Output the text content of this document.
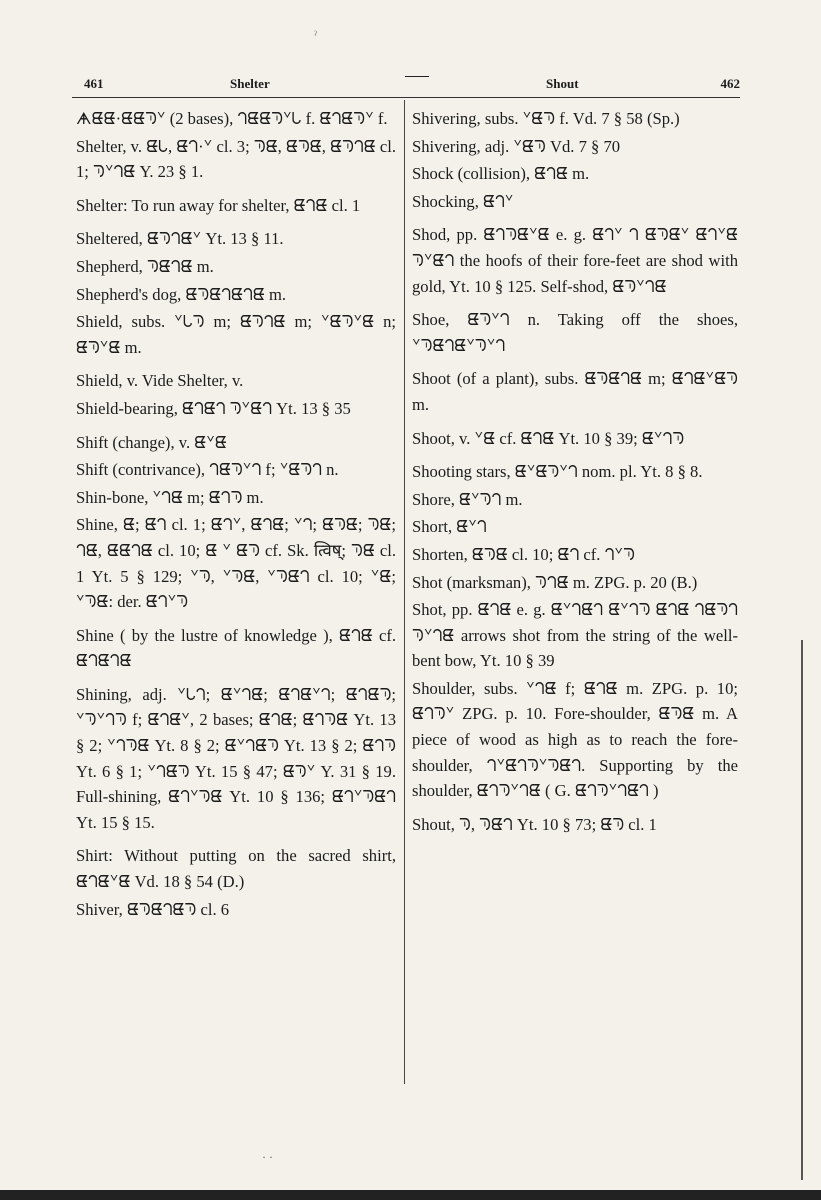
ˀ
461	Shelter	Shout	462
ᗗᘀᘀ·ᘀᘀᘅᘁ (2 bases), ᘃᘀᘀᘅᘁᘂ f. ᘀᘃᘀᘅᘁ f.
Shelter, v. ᘀᘂ, ᘀᘃ·ᘁ cl. 3; ᘅᘀ, ᘀᘅᘀ, ᘀᘅᘃᘀ cl. 1; ᘅᘁᘃᘀ Y. 23 § 1.
Shelter: To run away for shelter, ᘀᘃᘀ cl. 1
Sheltered, ᘀᘅᘃᘀᘁ Yt. 13 § 11.
Shepherd, ᘅᘀᘃᘀ m.
Shepherd's dog, ᘀᘅᘀᘃᘀᘃᘀ m.
Shield, subs. ᘁᘂᘅ m; ᘀᘅᘃᘀ m; ᘁᘀᘅᘁᘀ n; ᘀᘅᘁᘀ m.
Shield, v. Vide Shelter, v.
Shield-bearing, ᘀᘃᘀᘃ ᘅᘁᘀᘃ Yt. 13 § 35
Shift (change), v. ᘀᘁᘀ
Shift (contrivance), ᘃᘀᘅᘁᘃ f; ᘁᘀᘅᘃ n.
Shin-bone, ᘁᘃᘀ m; ᘀᘃᘅ m.
Shine, ᘀ; ᘀᘃ cl. 1; ᘀᘃᘁ, ᘀᘃᘀ; ᘁᘃ; ᘀᘅᘀ; ᘅᘀ; ᘃᘀ, ᘀᘀᘃᘀ cl. 10; ᘀ ᘁ ᘀᘅ cf. Sk. त्विष्; ᘅᘀ cl. 1 Yt. 5 § 129; ᘁᘅ, ᘁᘅᘀ, ᘁᘅᘀᘃ cl. 10; ᘁᘀ; ᘁᘅᘀ: der. ᘀᘃᘁᘅ
Shine ( by the lustre of knowledge ), ᘀᘃᘀ cf. ᘀᘃᘀᘃᘀ
Shining, adj. ᘁᘂᘃ; ᘀᘁᘃᘀ; ᘀᘃᘀᘁᘃ; ᘀᘃᘀᘅ; ᘁᘅᘁᘃᘅ f; ᘀᘃᘀᘁ, 2 bases; ᘀᘃᘀ; ᘀᘃᘅᘀ Yt. 13 § 2; ᘁᘃᘅᘀ Yt. 8 § 2; ᘀᘁᘃᘀᘅ Yt. 13 § 2; ᘀᘃᘅ Yt. 6 § 1; ᘁᘃᘀᘅ Yt. 15 § 47; ᘀᘅᘁ Y. 31 § 19. Full-shining, ᘀᘃᘁᘅᘀ Yt. 10 § 136; ᘀᘃᘁᘅᘀᘃ Yt. 15 § 15.
Shirt: Without putting on the sacred shirt, ᘀᘃᘀᘁᘀ Vd. 18 § 54 (D.)
Shiver, ᘀᘅᘀᘃᘀᘅ cl. 6
Shivering, subs. ᘁᘀᘅ f. Vd. 7 § 58 (Sp.)
Shivering, adj. ᘁᘀᘅ Vd. 7 § 70
Shock (collision), ᘀᘃᘀ m.
Shocking, ᘀᘃᘁ
Shod, pp. ᘀᘃᘅᘀᘁᘀ e. g. ᘀᘃᘁ ᘃ ᘀᘅᘀᘁ ᘀᘃᘁᘀ ᘅᘁᘀᘃ the hoofs of their fore-feet are shod with gold, Yt. 10 § 125. Self-shod, ᘀᘅᘁᘃᘀ
Shoe, ᘀᘅᘁᘃ n. Taking off the shoes, ᘁᘅᘀᘃᘀᘁᘅᘁᘃ
Shoot (of a plant), subs. ᘀᘅᘀᘃᘀ m; ᘀᘃᘀᘁᘀᘅ m.
Shoot, v. ᘁᘀ cf. ᘀᘃᘀ Yt. 10 § 39; ᘀᘁᘃᘅ
Shooting stars, ᘀᘁᘀᘅᘁᘃ nom. pl. Yt. 8 § 8.
Shore, ᘀᘁᘅᘃ m.
Short, ᘀᘁᘃ
Shorten, ᘀᘅᘀ cl. 10; ᘀᘃ cf. ᘃᘁᘅ
Shot (marksman), ᘅᘃᘀ m. ZPG. p. 20 (B.)
Shot, pp. ᘀᘃᘀ e. g. ᘀᘁᘃᘀᘃ ᘀᘁᘃᘅ ᘀᘃᘀ ᘃᘀᘅᘃ ᘅᘁᘃᘀ arrows shot from the string of the well-bent bow, Yt. 10 § 39
Shoulder, subs. ᘁᘃᘀ f; ᘀᘃᘀ m. ZPG. p. 10; ᘀᘃᘅᘁ ZPG. p. 10. Fore-shoulder, ᘀᘅᘀ m. A piece of wood as high as to reach the fore-shoulder, ᘃᘁᘀᘃᘅᘁᘅᘀᘃ. Supporting by the shoulder, ᘀᘃᘅᘁᘃᘀ ( G. ᘀᘃᘅᘁᘃᘀᘃ )
Shout, ᘅ, ᘅᘀᘃ Yt. 10 § 73; ᘀᘅ cl. 1
· ·
